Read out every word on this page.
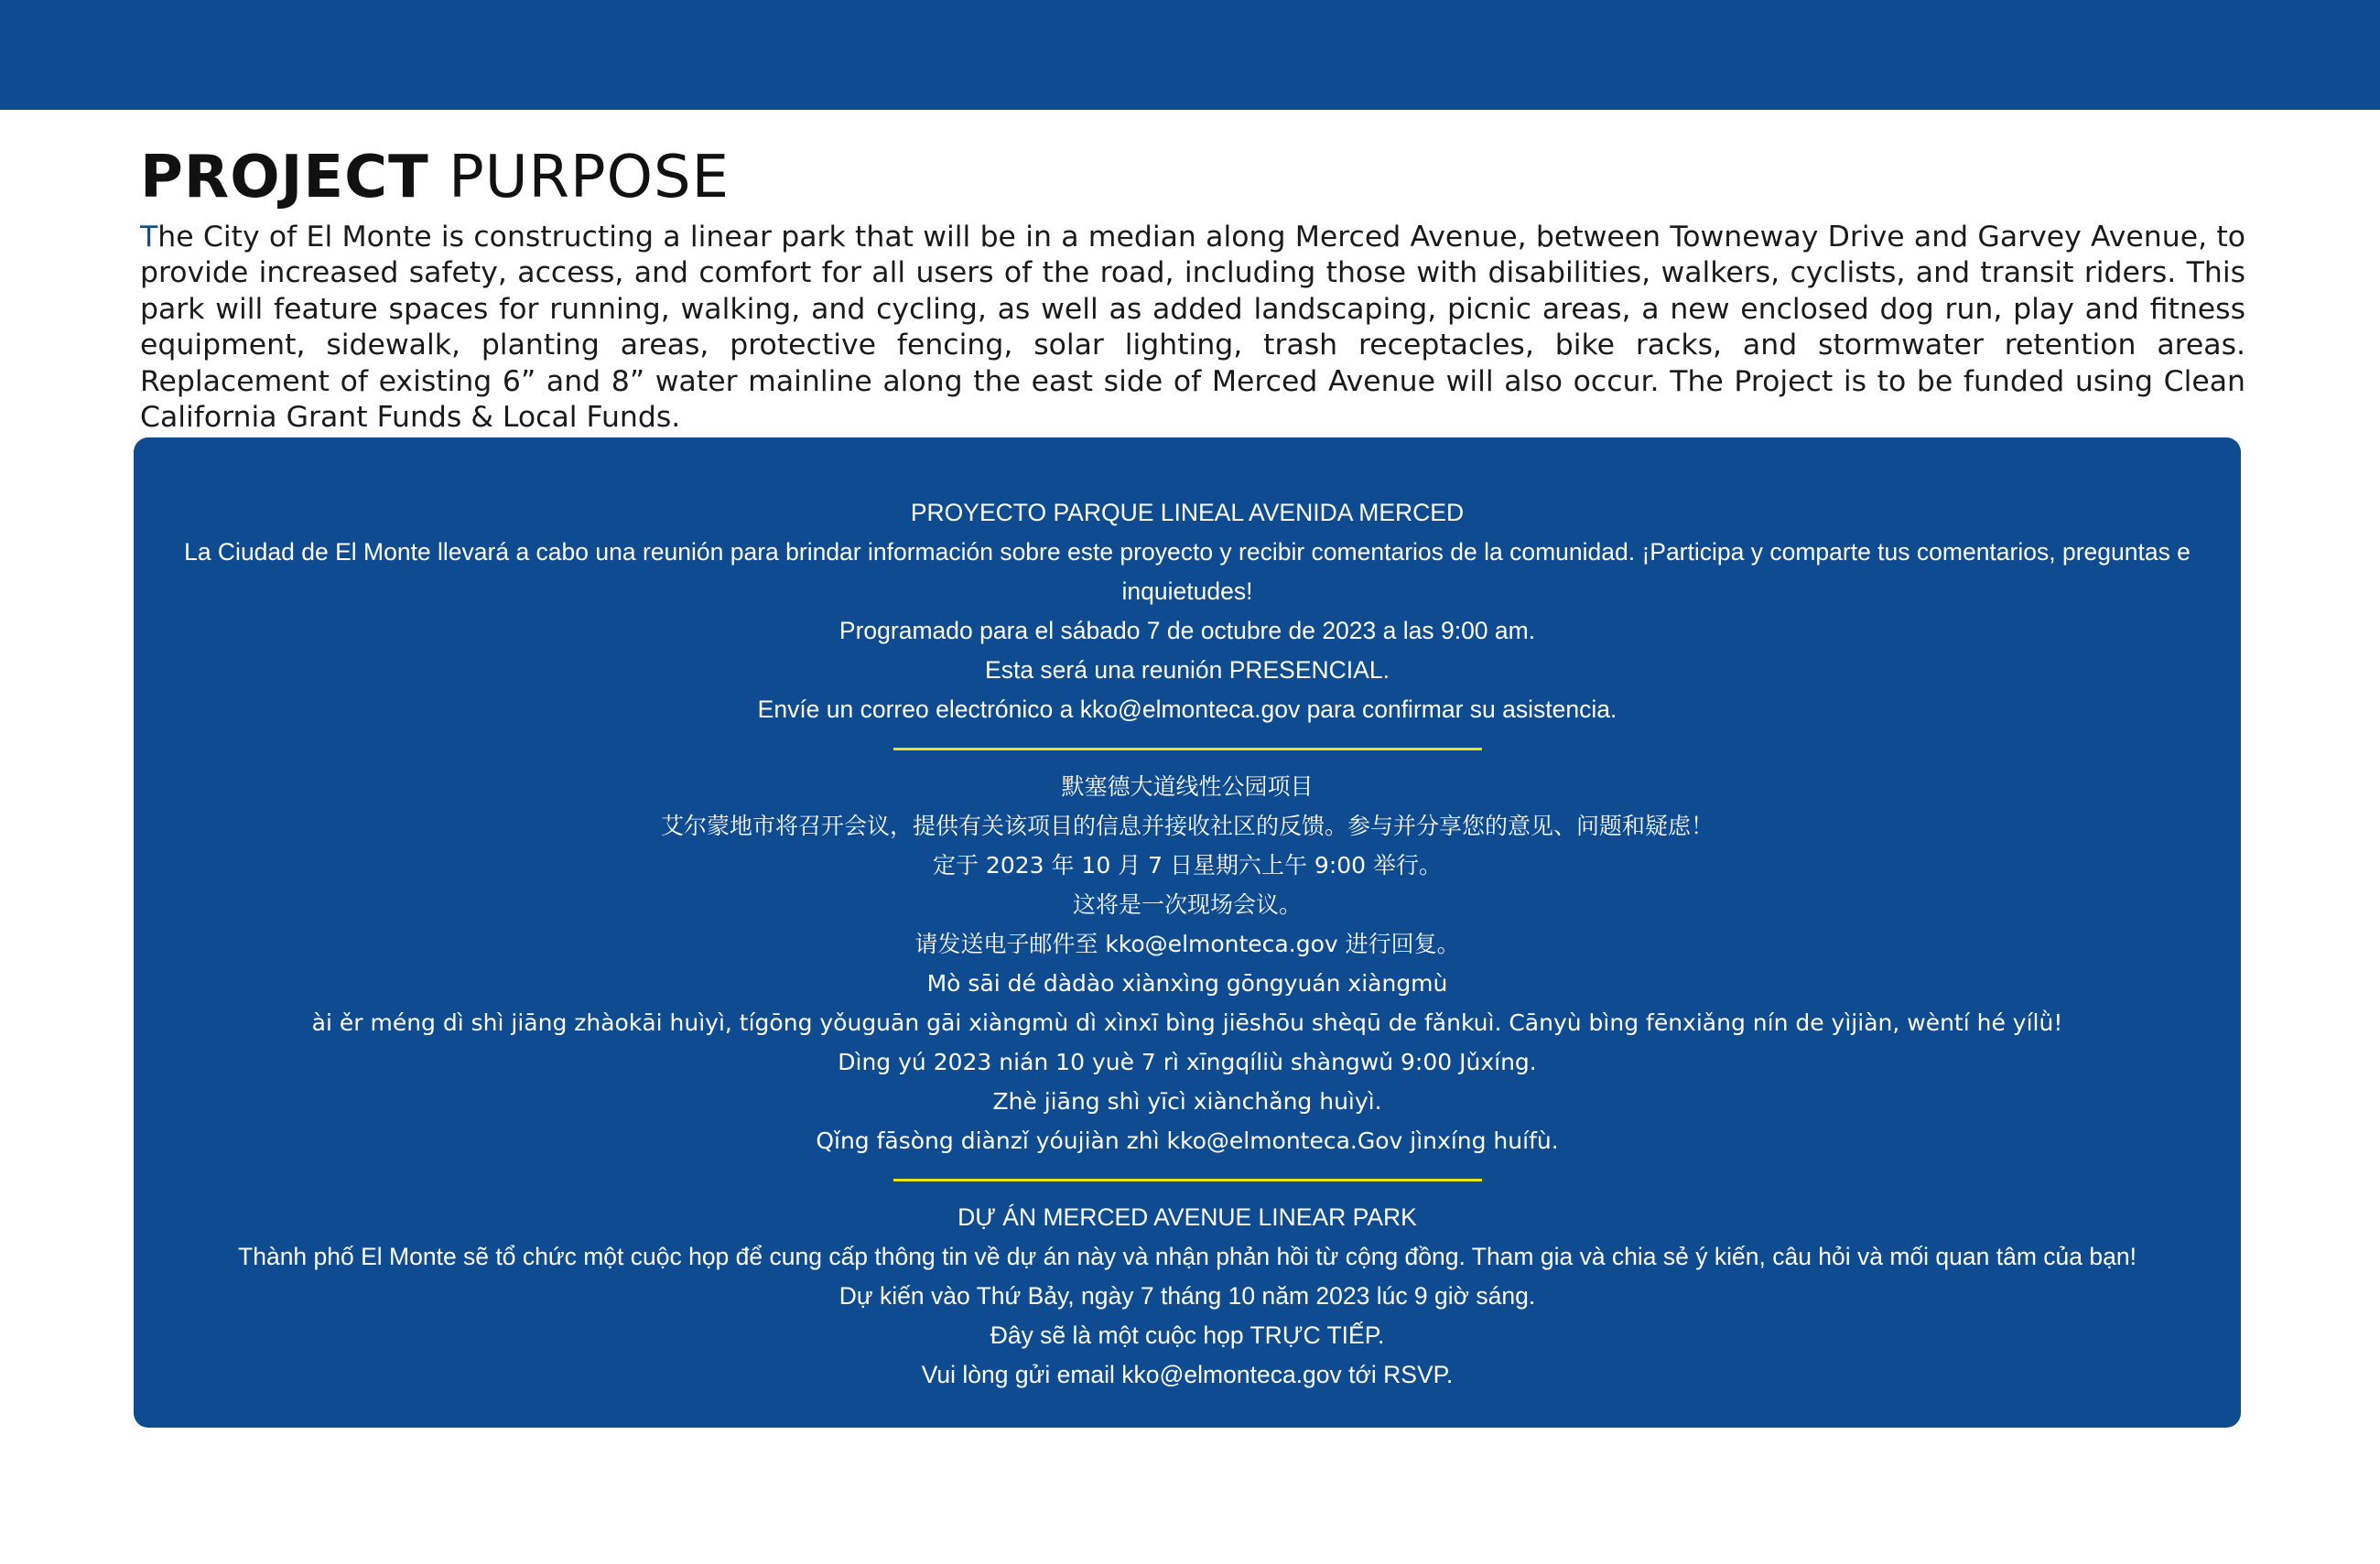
PROJECT PURPOSE

The City of El Monte is constructing a linear park that will be in a median along Merced Avenue, between Towneway Drive and Garvey Avenue, to provide increased safety, access, and comfort for all users of the road, including those with disabilities, walkers, cyclists, and transit riders. This park will feature spaces for running, walking, and cycling, as well as added landscaping, picnic areas, a new enclosed dog run, play and fitness equipment, sidewalk, planting areas, protective fencing, solar lighting, trash receptacles, bike racks, and stormwater retention areas. Replacement of existing 6” and 8” water mainline along the east side of Merced Avenue will also occur. The Project is to be funded using Clean California Grant Funds & Local Funds.

PROYECTO PARQUE LINEAL AVENIDA MERCED

La Ciudad de El Monte llevará a cabo una reunión para brindar información sobre este proyecto y recibir comentarios de la comunidad. ¡Participa y comparte tus comentarios, preguntas e inquietudes!

Programado para el sábado 7 de octubre de 2023 a las 9:00 am.

Esta será una reunión PRESENCIAL.

Envíe un correo electrónico a kko@elmonteca.gov para confirmar su asistencia.

默塞德大道线性公园项目

艾尔蒙地市将召开会议，提供有关该项目的信息并接收社区的反馈。参与并分享您的意见、问题和疑虑！

定于 2023 年 10 月 7 日星期六上午 9:00 举行。

这将是一次现场会议。

请发送电子邮件至 kko@elmonteca.gov 进行回复。

Mò sāi dé dàdào xiànxìng gōngyuán xiàngmù

ài ěr méng dì shì jiāng zhàokāi huìyì, tígōng yǒuguān gāi xiàngmù dì xìnxī bìng jiēshōu shèqū de fǎnkuì. Cānyù bìng fēnxiǎng nín de yìjiàn, wèntí hé yílǜ!

Dìng yú 2023 nián 10 yuè 7 rì xīngqíliù shàngwǔ 9:00 Jǔxíng.

Zhè jiāng shì yīcì xiànchǎng huìyì.

Qǐng fāsòng diànzǐ yóujiàn zhì kko@elmonteca.Gov jìnxíng huífù.

DỰ ÁN MERCED AVENUE LINEAR PARK

Thành phố El Monte sẽ tổ chức một cuộc họp để cung cấp thông tin về dự án này và nhận phản hồi từ cộng đồng. Tham gia và chia sẻ ý kiến, câu hỏi và mối quan tâm của bạn!

Dự kiến vào Thứ Bảy, ngày 7 tháng 10 năm 2023 lúc 9 giờ sáng.

Đây sẽ là một cuộc họp TRỰC TIẾP.

Vui lòng gửi email kko@elmonteca.gov tới RSVP.
